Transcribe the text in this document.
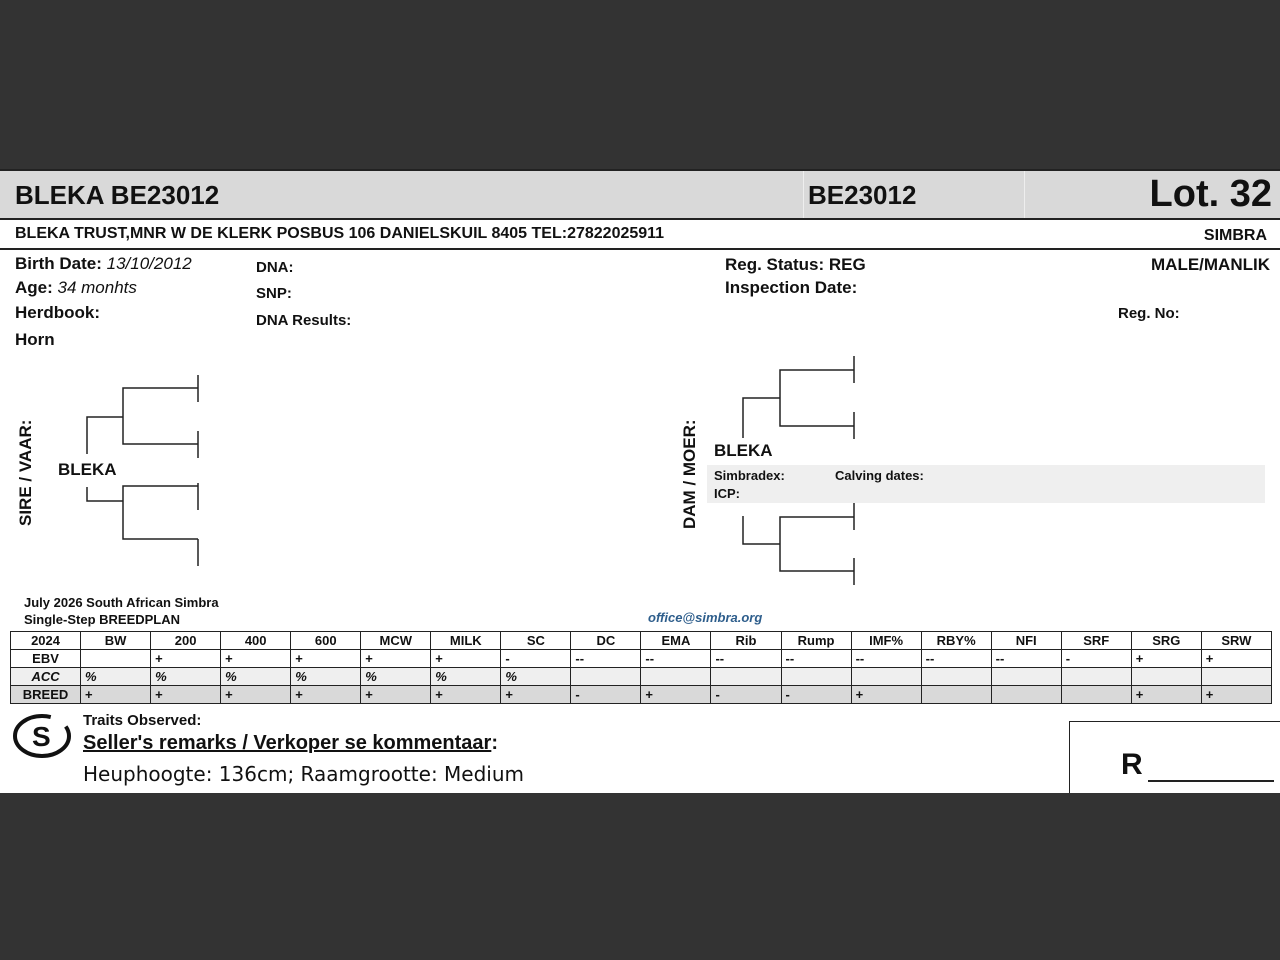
BLEKA BE23012	BE23012	Lot. 32
BLEKA TRUST,MNR W DE KLERK POSBUS 106 DANIELSKUIL 8405 TEL:27822025911	SIMBRA
Birth Date: 13/10/2012
Age: 34 monhts
Herdbook:
Horn
DNA:
SNP:
DNA Results:
Reg. Status: REG
Inspection Date:
MALE/MANLIK
Reg. No:
SIRE / VAAR: BLEKA	DAM / MOER: BLEKA
Simbradex:	Calving dates:
ICP:
July 2026 South African Simbra
Single-Step BREEDPLAN	office@simbra.org
2024	BW	200	400	600	MCW	MILK	SC	DC	EMA	Rib	Rump	IMF%	RBY%	NFI	SRF	SRG	SRW
EBV		+	+	+	+	+	-	--	--	--	--	--	--	--	-	+	+
ACC	%	%	%	%	%	%	%										
BREED	+	+	+	+	+	+	+	-	+	-	-	+				+	+
S
Traits Observed:
Seller's remarks / Verkoper se kommentaar:
Heuphoogte: 136cm; Raamgrootte: Medium	R
